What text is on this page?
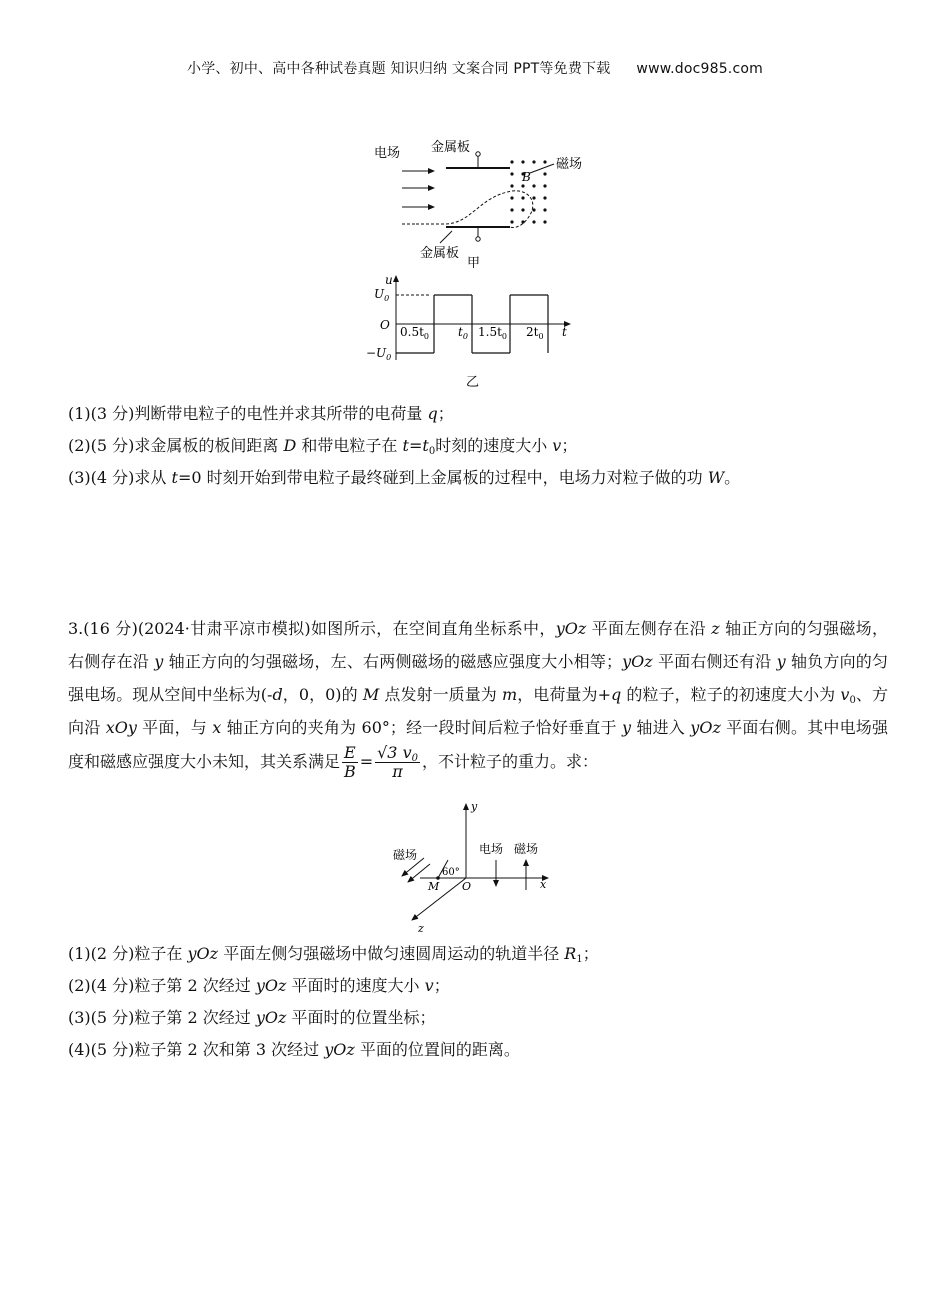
小学、初中、高中各种试卷真题 知识归纳 文案合同 PPT等免费下载 www.doc985.com
电场 金属板
磁场
B
金属板
甲
u
t
O
$U_0$
$-U_0$
$0.5t_0$ $t_0$ $1.5t_0$ $2t_0$
乙
(1)(3 分)判断带电粒子的电性并求其所带的电荷量 q；
(2)(5 分)求金属板的板间距离 D 和带电粒子在 $t=t_0$时刻的速度大小 v；
(3)(4 分)求从 t=0 时刻开始到带电粒子最终碰到上金属板的过程中，电场力对粒子做的功 W。
3.(16 分)(2024·甘肃平凉市模拟)如图所示，在空间直角坐标系中，yOz 平面左侧存在沿 z 轴正方向的匀强磁场，右侧存在沿 y 轴正方向的匀强磁场，左、右两侧磁场的磁感应强度大小相等；yOz 平面右侧还有沿 y 轴负方向的匀强电场。现从空间中坐标为(-d，0，0)的 M 点发射一质量为 m，电荷量为+q 的粒子，粒子的初速度大小为 $v_0$、方向沿 xOy 平面，与 x 轴正方向的夹角为 60°；经一段时间后粒子恰好垂直于 y 轴进入 yOz 平面右侧。其中电场强度和磁感应强度大小未知，其关系满足 $\frac{E}{B} = \frac{√3 v_0}{\pi}$ ，不计粒子的重力。求：
y
x
z
O
M
60°
磁场	电场 磁场
(1)(2 分)粒子在 yOz 平面左侧匀强磁场中做匀速圆周运动的轨道半径 $R_1$；
(2)(4 分)粒子第 2 次经过 yOz 平面时的速度大小 v；
(3)(5 分)粒子第 2 次经过 yOz 平面时的位置坐标；
(4)(5 分)粒子第 2 次和第 3 次经过 yOz 平面的位置间的距离。
